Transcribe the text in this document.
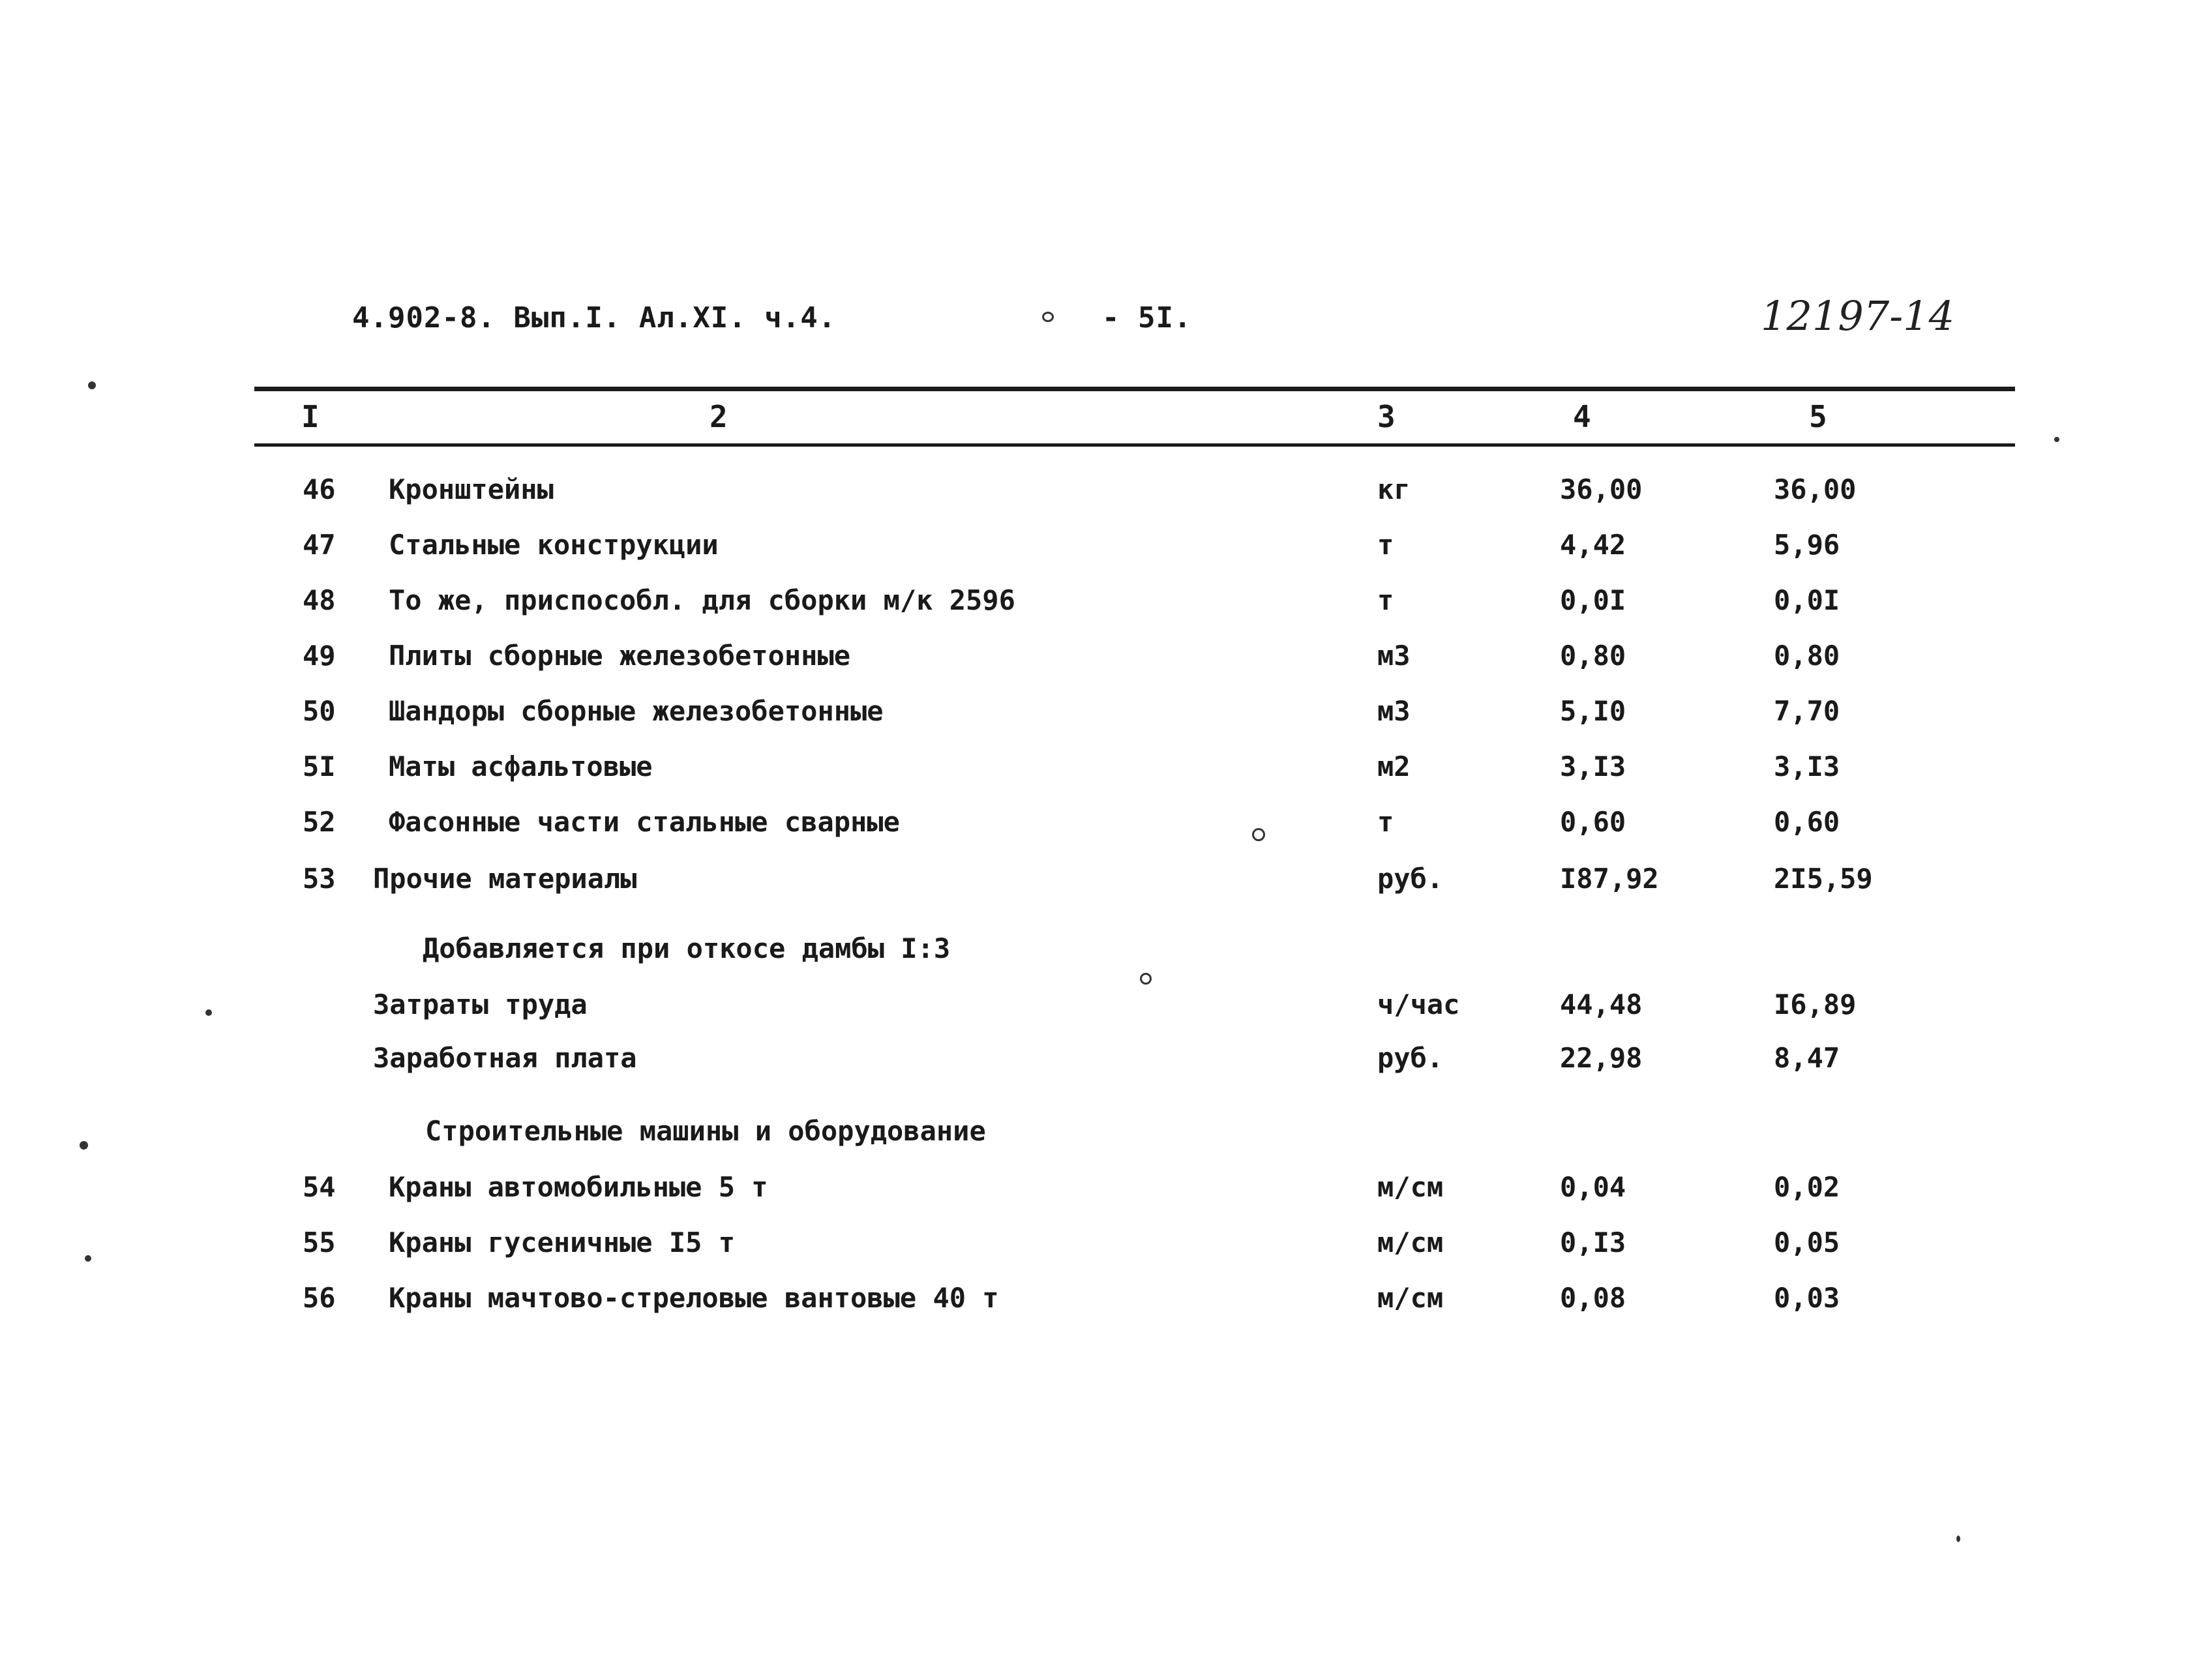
4.902-8. Вып.I. Ал.XI. ч.4.	- 5I.	12197-14
I	2	3	4	5
46 Кронштейны	кг	36,00	36,00
47 Стальные конструкции	т	4,42	5,96
48 То же, приспособл. для сборки м/к 2596	т	0,0I	0,0I
49 Плиты сборные железобетонные	м3	0,80	0,80
50 Шандоры сборные железобетонные	м3	5,I0	7,70
5I Маты асфальтовые	м2	3,I3	3,I3
52 Фасонные части стальные сварные	т	0,60	0,60
53 Прочие материалы	руб.	I87,92	2I5,59
Добавляется при откосе дамбы I:3
Затраты труда	ч/час	44,48	I6,89
Заработная плата	руб.	22,98	8,47
Строительные машины и оборудование
54 Краны автомобильные 5 т	м/см	0,04	0,02
55 Краны гусеничные I5 т	м/см	0,I3	0,05
56 Краны мачтово-стреловые вантовые 40 т	м/см	0,08	0,03
